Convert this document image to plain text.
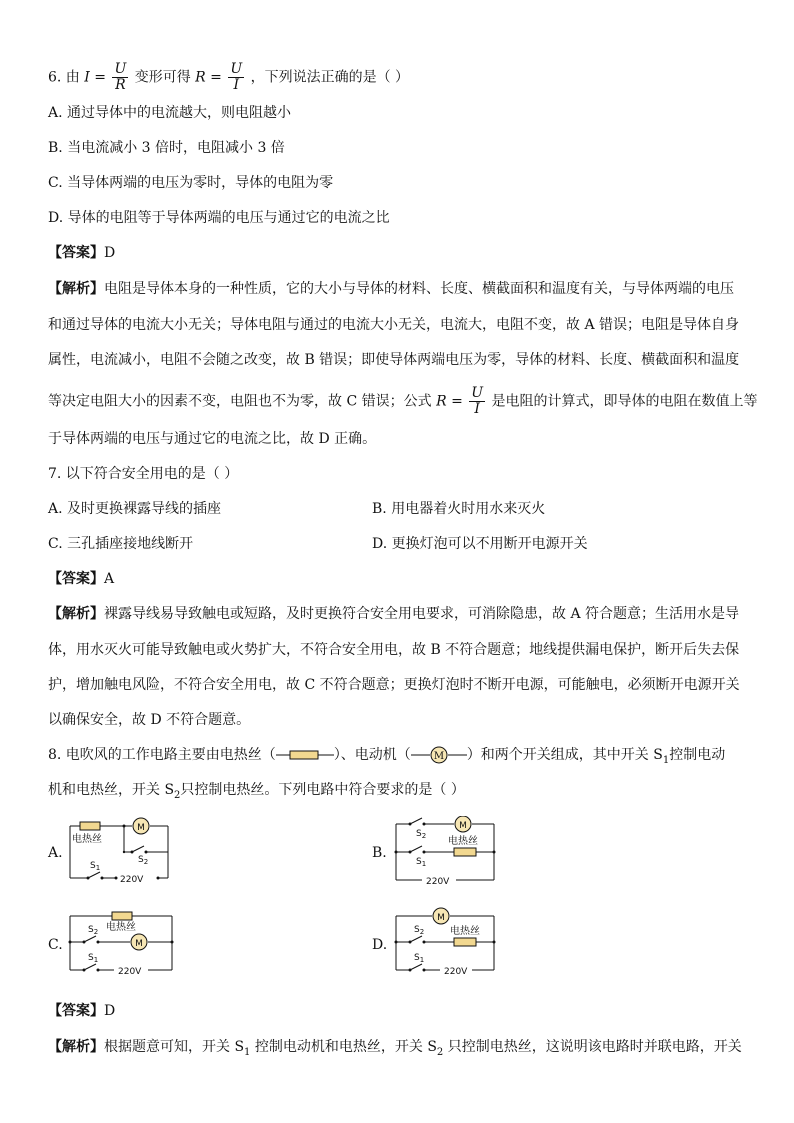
6. 由 $I = \frac{U}{R}$ 变形可得 $R = \frac{U}{I}$ ，下列说法正确的是（ ）
A. 通过导体中的电流越大，则电阻越小
B. 当电流减小 3 倍时，电阻减小 3 倍
C. 当导体两端的电压为零时，导体的电阻为零
D. 导体的电阻等于导体两端的电压与通过它的电流之比
【答案】D
【解析】电阻是导体本身的一种性质，它的大小与导体的材料、长度、横截面积和温度有关，与导体两端的电压
和通过导体的电流大小无关；导体电阻与通过的电流大小无关，电流大，电阻不变，故 A 错误；电阻是导体自身
属性，电流减小，电阻不会随之改变，故 B 错误；即使导体两端电压为零，导体的材料、长度、横截面积和温度
等决定电阻大小的因素不变，电阻也不为零，故 C 错误；公式 $R = \frac{U}{I}$ 是电阻的计算式，即导体的电阻在数值上等
于导体两端的电压与通过它的电流之比，故 D 正确。
7. 以下符合安全用电的是（ ）
A. 及时更换裸露导线的插座	B. 用电器着火时用水来灭火
C. 三孔插座接地线断开	D. 更换灯泡可以不用断开电源开关
【答案】A
【解析】裸露导线易导致触电或短路，及时更换符合安全用电要求，可消除隐患，故 A 符合题意；生活用水是导
体，用水灭火可能导致触电或火势扩大，不符合安全用电，故 B 不符合题意；地线提供漏电保护，断开后失去保
护，增加触电风险，不符合安全用电，故 C 不符合题意；更换灯泡时不断开电源，可能触电，必须断开电源开关
以确保安全，故 D 不符合题意。
8. 电吹风的工作电路主要由电热丝（	）、电动机（ M ）和两个开关组成，其中开关 $S_1$控制电动
机和电热丝，开关 $S_2$只控制电热丝。下列电路中符合要求的是（ ）
A.	B.
C.	D.
电热丝
M
$S_2$
$S_1$
220V
M
$S_2$ 电热丝
$S_1$
220V
M
电热丝
$S_2$
$S_1$
220V
M
$S_2$	电热丝
$S_1$
220V
【答案】D
【解析】根据题意可知，开关 $S_1$ 控制电动机和电热丝，开关 $S_2$ 只控制电热丝，这说明该电路时并联电路，开关
